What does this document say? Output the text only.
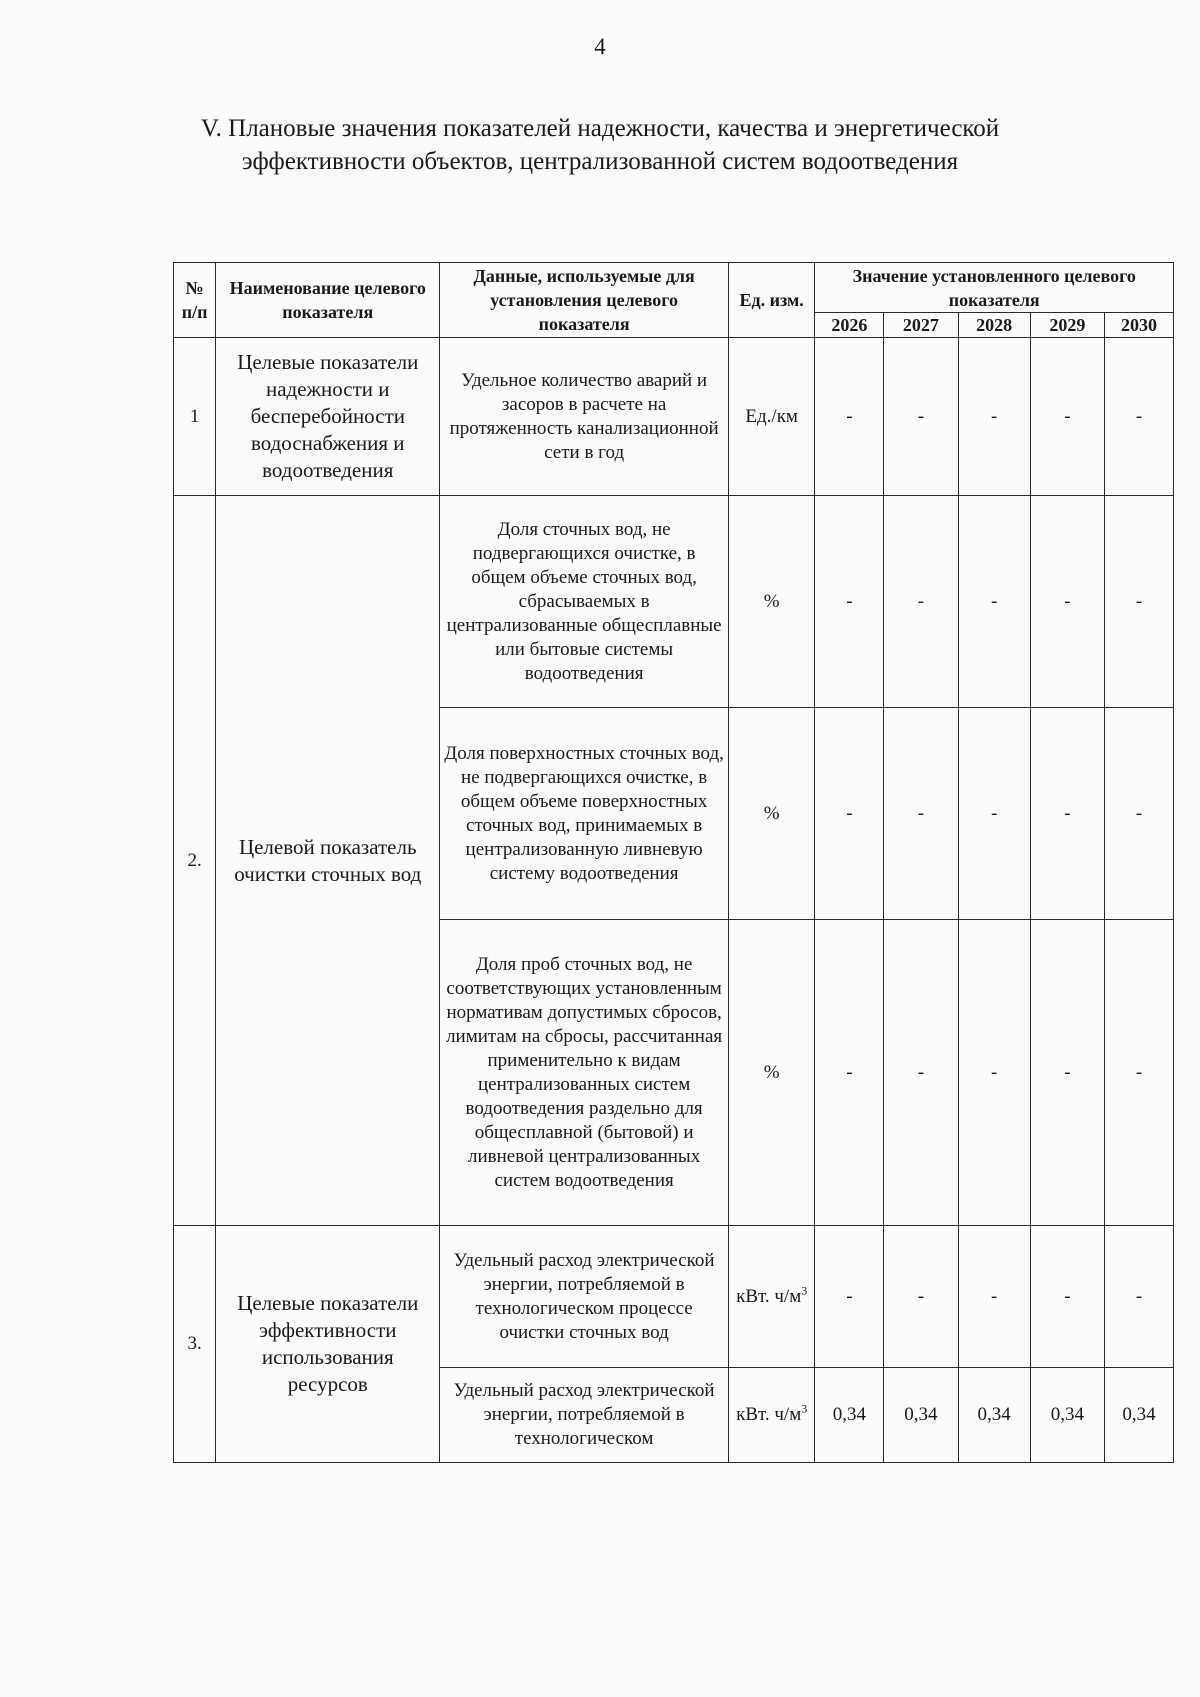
4
V. Плановые значения показателей надежности, качества и энергетической
эффективности объектов, централизованной систем водоотведения
№ п/п	Наименование целевого показателя	Данные, используемые для установления целевого показателя	Ед. изм.	Значение установленного целевого показателя				
				2026	2027	2028	2029	2030
1	Целевые показатели надежности и бесперебойности водоснабжения и водоотведения	Удельное количество аварий и засоров в расчете на протяженность канализационной сети в год	Ед./км	-	-	-	-	-
2.	Целевой показатель очистки сточных вод	Доля сточных вод, не подвергающихся очистке, в общем объеме сточных вод, сбрасываемых в централизованные общесплавные или бытовые системы водоотведения	%	-	-	-	-	-
		Доля поверхностных сточных вод, не подвергающихся очистке, в общем объеме поверхностных сточных вод, принимаемых в централизованную ливневую систему водоотведения	%	-	-	-	-	-
		Доля проб сточных вод, не соответствующих установленным нормативам допустимых сбросов, лимитам на сбросы, рассчитанная применительно к видам централизованных систем водоотведения раздельно для общесплавной (бытовой) и ливневой централизованных систем водоотведения	%	-	-	-	-	-
3.	Целевые показатели эффективности использования ресурсов	Удельный расход электрической энергии, потребляемой в технологическом процессе очистки сточных вод	кВт. $ч/м^3$	-	-	-	-	-
		Удельный расход электрической энергии, потребляемой в технологическом	кВт. $ч/м^3$	0,34	0,34	0,34	0,34	0,34
